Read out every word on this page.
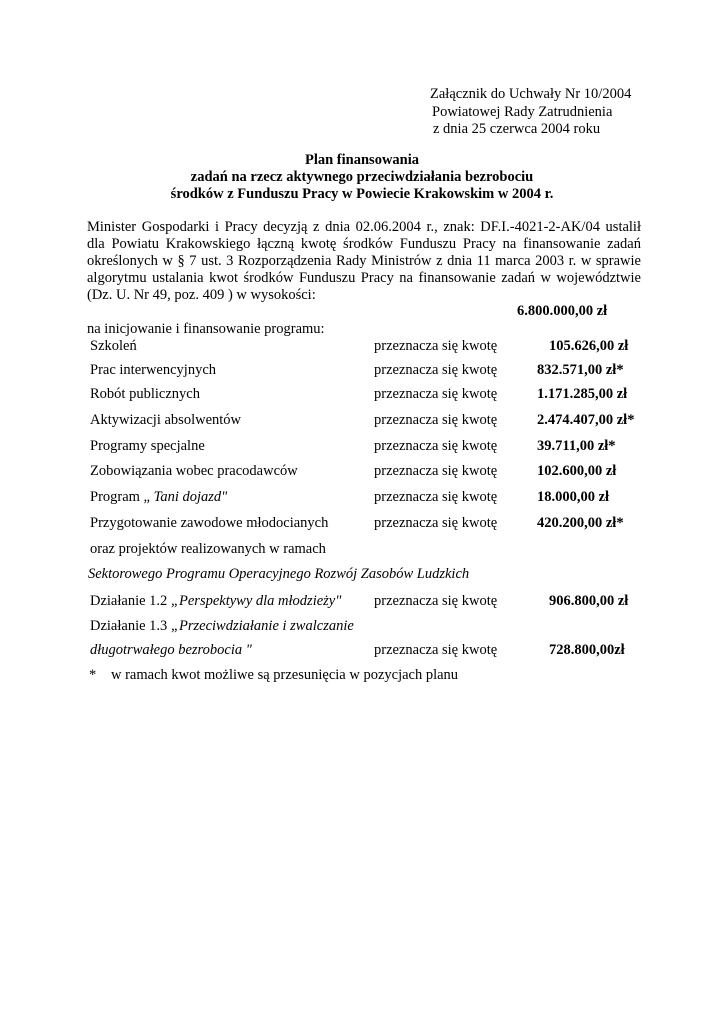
Załącznik do Uchwały Nr 10/2004
Powiatowej Rady Zatrudnienia
z dnia 25 czerwca 2004 roku
Plan finansowania
zadań na rzecz aktywnego przeciwdziałania bezrobociu
środków z Funduszu Pracy w Powiecie Krakowskim w 2004 r.
Minister Gospodarki i Pracy decyzją z dnia 02.06.2004 r., znak: DF.I.-4021-2-AK/04 ustalił
dla Powiatu Krakowskiego łączną kwotę środków Funduszu Pracy na finansowanie zadań
określonych w § 7 ust. 3 Rozporządzenia Rady Ministrów z dnia 11 marca 2003 r. w sprawie
algorytmu ustalania kwot środków Funduszu Pracy na finansowanie zadań w województwie
(Dz. U. Nr 49, poz. 409 ) w wysokości:
6.800.000,00 zł
na inicjowanie i finansowanie programu:
Szkoleń	przeznacza się kwotę	105.626,00 zł
Prac interwencyjnych	przeznacza się kwotę	832.571,00 zł*
Robót publicznych	przeznacza się kwotę	1.171.285,00 zł
Aktywizacji absolwentów	przeznacza się kwotę	2.474.407,00 zł*
Programy specjalne	przeznacza się kwotę	39.711,00 zł*
Zobowiązania wobec pracodawców	przeznacza się kwotę	102.600,00 zł
Program „ Tani dojazd"	przeznacza się kwotę	18.000,00 zł
Przygotowanie zawodowe młodocianych	przeznacza się kwotę	420.200,00 zł*
oraz projektów realizowanych w ramach
Sektorowego Programu Operacyjnego Rozwój Zasobów Ludzkich
Działanie 1.2 „Perspektywy dla młodzieży" przeznacza się kwotę	906.800,00 zł
Działanie 1.3 „Przeciwdziałanie i zwalczanie
długotrwałego bezrobocia "	przeznacza się kwotę	728.800,00zł
* w ramach kwot możliwe są przesunięcia w pozycjach planu
